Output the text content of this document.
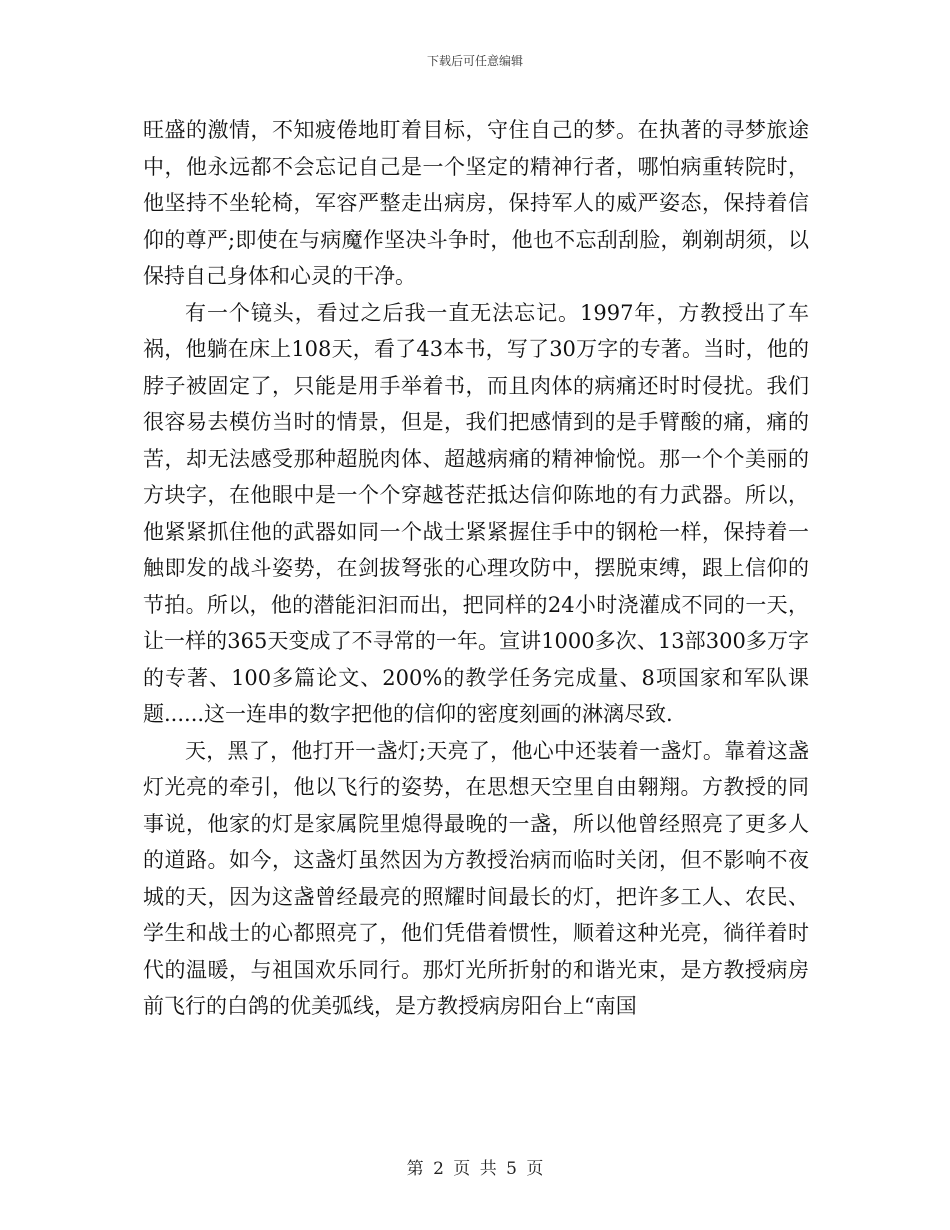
下载后可任意编辑

旺盛的激情，不知疲倦地盯着目标，守住自己的梦。在执著的寻梦旅途中，他永远都不会忘记自己是一个坚定的精神行者，哪怕病重转院时，他坚持不坐轮椅，军容严整走出病房，保持军人的威严姿态，保持着信仰的尊严;即使在与病魔作坚决斗争时，他也不忘刮刮脸，剃剃胡须，以保持自己身体和心灵的干净。

有一个镜头，看过之后我一直无法忘记。1997年，方教授出了车祸，他躺在床上108天，看了43本书，写了30万字的专著。当时，他的脖子被固定了，只能是用手举着书，而且肉体的病痛还时时侵扰。我们很容易去模仿当时的情景，但是，我们把感情到的是手臂酸的痛，痛的苦，却无法感受那种超脱肉体、超越病痛的精神愉悦。那一个个美丽的方块字，在他眼中是一个个穿越苍茫抵达信仰陈地的有力武器。所以，他紧紧抓住他的武器如同一个战士紧紧握住手中的钢枪一样，保持着一触即发的战斗姿势，在剑拔弩张的心理攻防中，摆脱束缚，跟上信仰的节拍。所以，他的潜能汩汩而出，把同样的24小时浇灌成不同的一天，让一样的365天变成了不寻常的一年。宣讲1000多次、13部300多万字的专著、100多篇论文、200%的教学任务完成量、8项国家和军队课题......这一连串的数字把他的信仰的密度刻画的淋漓尽致.

天，黑了，他打开一盏灯;天亮了，他心中还装着一盏灯。靠着这盏灯光亮的牵引，他以飞行的姿势，在思想天空里自由翱翔。方教授的同事说，他家的灯是家属院里熄得最晚的一盏，所以他曾经照亮了更多人的道路。如今，这盏灯虽然因为方教授治病而临时关闭，但不影响不夜城的天，因为这盏曾经最亮的照耀时间最长的灯，把许多工人、农民、学生和战士的心都照亮了，他们凭借着惯性，顺着这种光亮，徜徉着时代的温暖，与祖国欢乐同行。那灯光所折射的和谐光束，是方教授病房前飞行的白鸽的优美弧线，是方教授病房阳台上“南国

第 2 页 共 5 页
